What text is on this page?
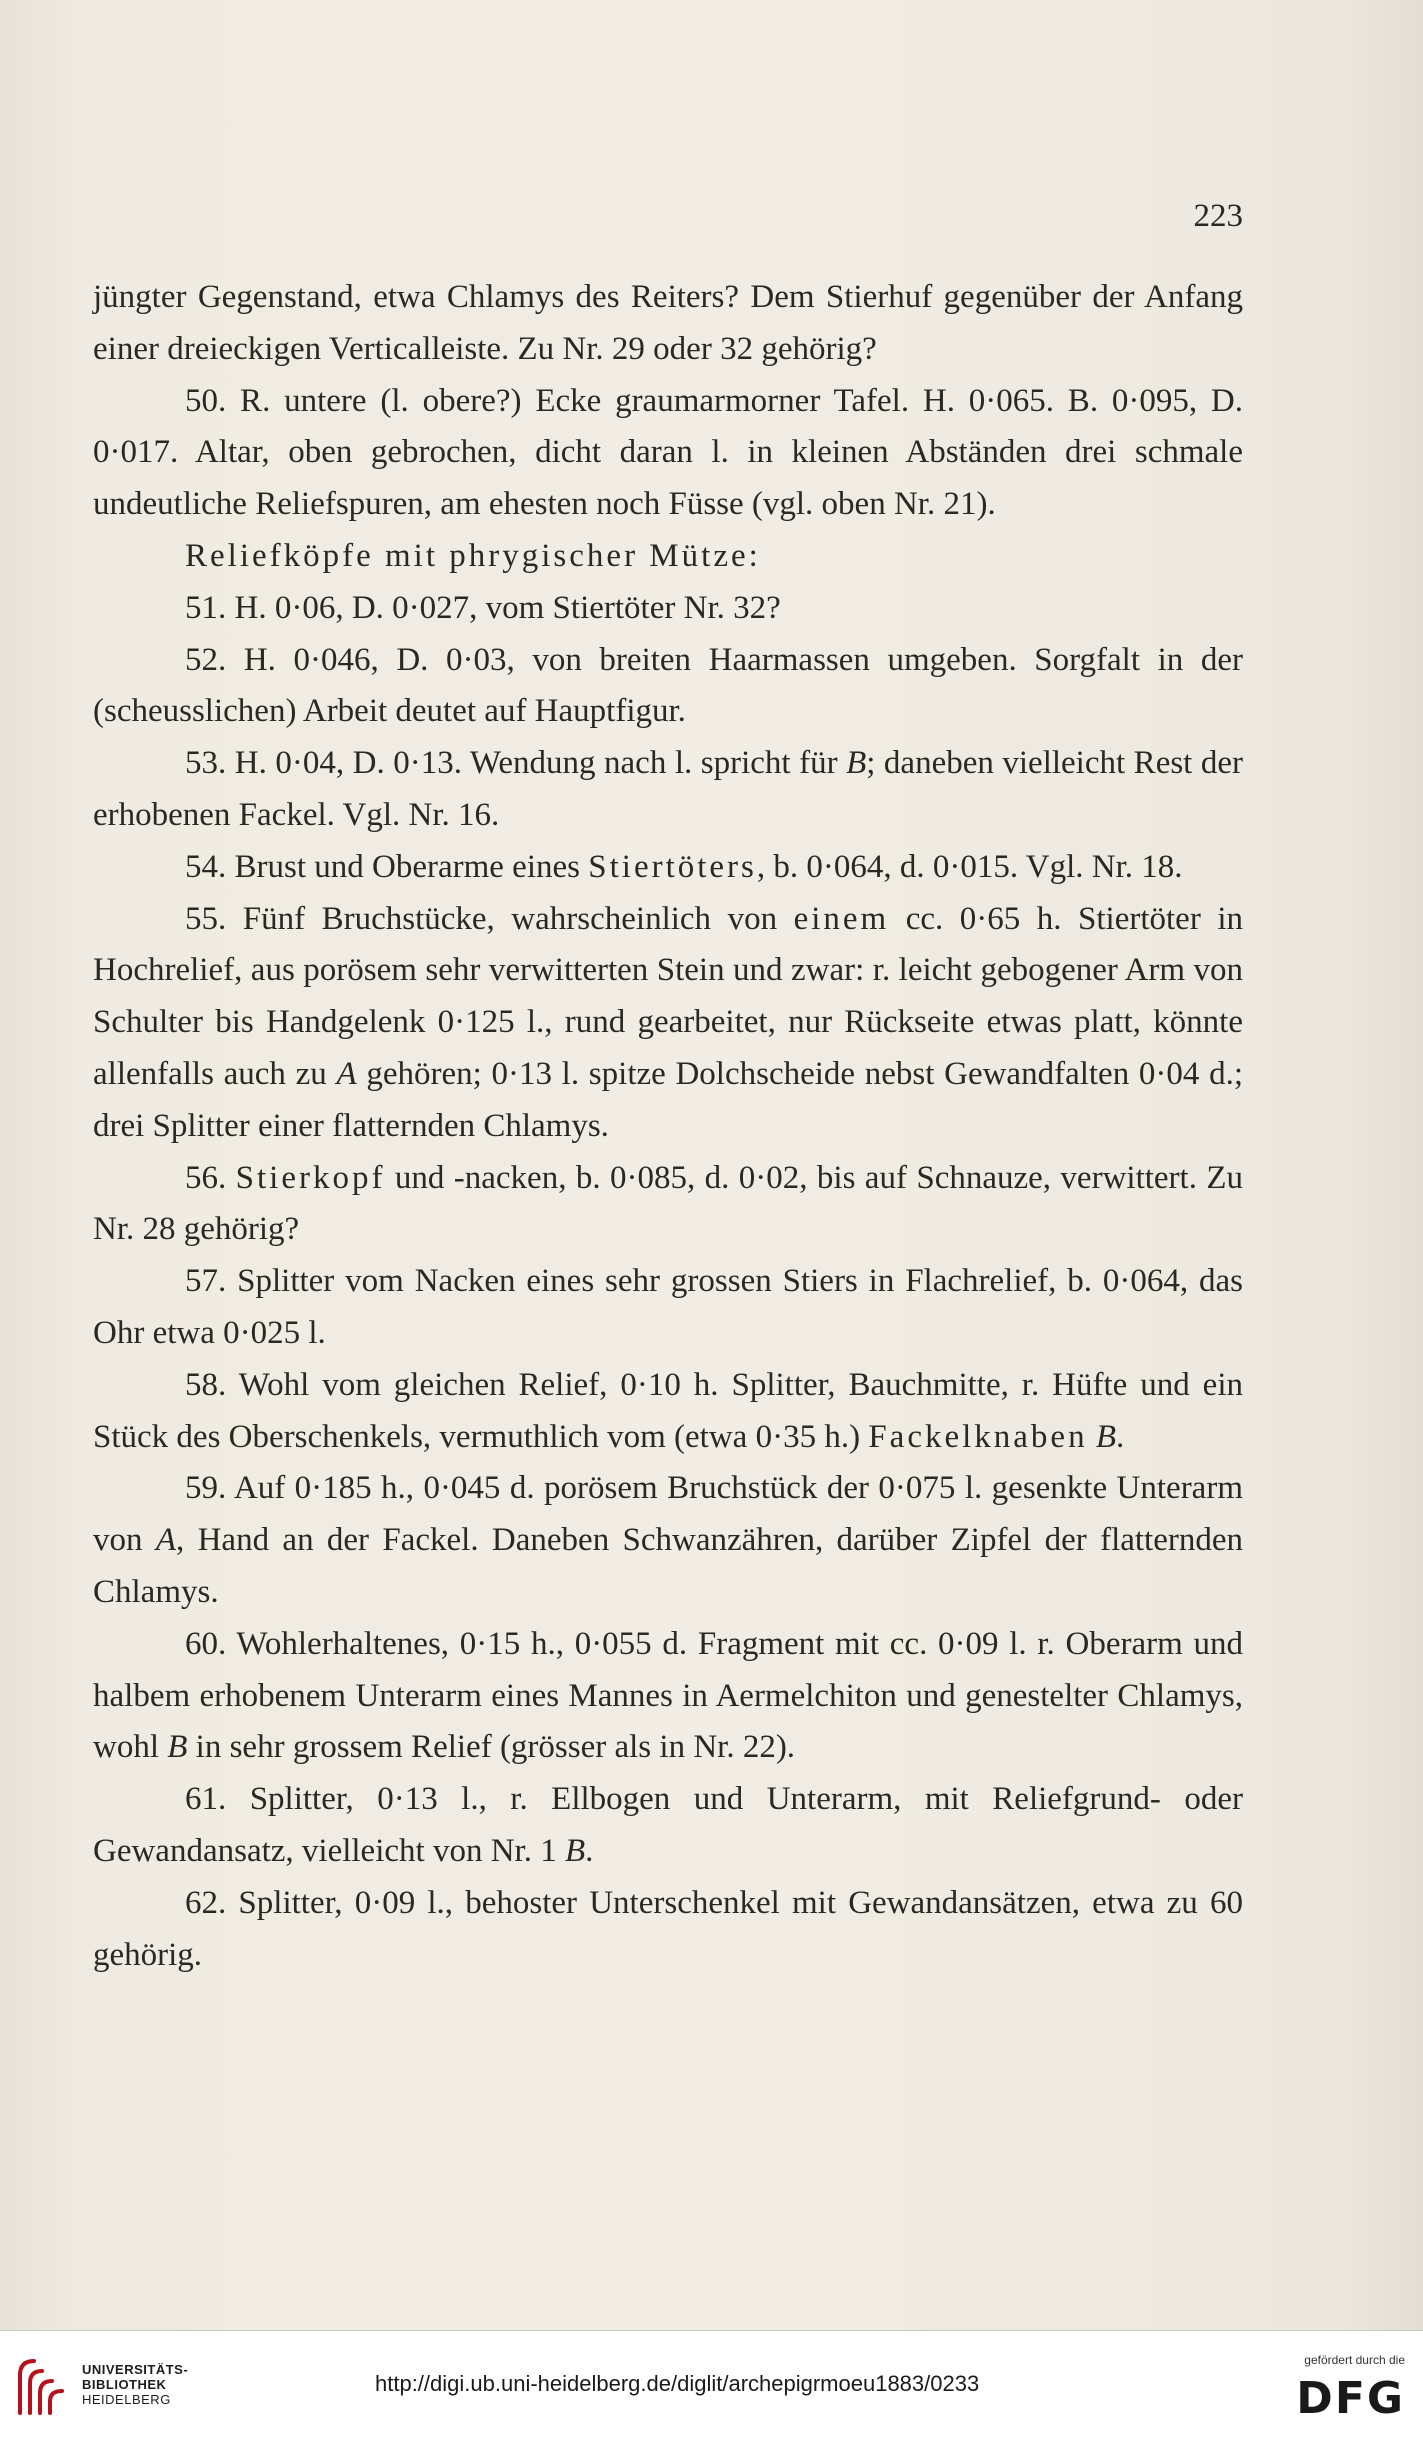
223

jüngter Gegenstand, etwa Chlamys des Reiters? Dem Stierhuf gegenüber der Anfang einer dreieckigen Verticalleiste. Zu Nr. 29 oder 32 gehörig?

50. R. untere (l. obere?) Ecke graumarmorner Tafel. H. 0·065. B. 0·095, D. 0·017. Altar, oben gebrochen, dicht daran l. in kleinen Abständen drei schmale undeutliche Reliefspuren, am ehesten noch Füsse (vgl. oben Nr. 21).

Reliefköpfe mit phrygischer Mütze:

51. H. 0·06, D. 0·027, vom Stiertöter Nr. 32?

52. H. 0·046, D. 0·03, von breiten Haarmassen umgeben. Sorgfalt in der (scheusslichen) Arbeit deutet auf Hauptfigur.

53. H. 0·04, D. 0·13. Wendung nach l. spricht für B; daneben vielleicht Rest der erhobenen Fackel. Vgl. Nr. 16.

54. Brust und Oberarme eines Stiertöters, b. 0·064, d. 0·015. Vgl. Nr. 18.

55. Fünf Bruchstücke, wahrscheinlich von einem cc. 0·65 h. Stiertöter in Hochrelief, aus porösem sehr verwitterten Stein und zwar: r. leicht gebogener Arm von Schulter bis Handgelenk 0·125 l., rund gearbeitet, nur Rückseite etwas platt, könnte allenfalls auch zu A gehören; 0·13 l. spitze Dolchscheide nebst Gewandfalten 0·04 d.; drei Splitter einer flatternden Chlamys.

56. Stierkopf und -nacken, b. 0·085, d. 0·02, bis auf Schnauze, verwittert. Zu Nr. 28 gehörig?

57. Splitter vom Nacken eines sehr grossen Stiers in Flachrelief, b. 0·064, das Ohr etwa 0·025 l.

58. Wohl vom gleichen Relief, 0·10 h. Splitter, Bauchmitte, r. Hüfte und ein Stück des Oberschenkels, vermuthlich vom (etwa 0·35 h.) Fackelknaben B.

59. Auf 0·185 h., 0·045 d. porösem Bruchstück der 0·075 l. gesenkte Unterarm von A, Hand an der Fackel. Daneben Schwanzähren, darüber Zipfel der flatternden Chlamys.

60. Wohlerhaltenes, 0·15 h., 0·055 d. Fragment mit cc. 0·09 l. r. Oberarm und halbem erhobenem Unterarm eines Mannes in Aermelchiton und genestelter Chlamys, wohl B in sehr grossem Relief (grösser als in Nr. 22).

61. Splitter, 0·13 l., r. Ellbogen und Unterarm, mit Reliefgrund- oder Gewandansatz, vielleicht von Nr. 1 B.

62. Splitter, 0·09 l., behoster Unterschenkel mit Gewandansätzen, etwa zu 60 gehörig.

UNIVERSITÄTS-
BIBLIOTHEK
HEIDELBERG
http://digi.ub.uni-heidelberg.de/diglit/archepigrmoeu1883/0233
gefördert durch die
DFG
